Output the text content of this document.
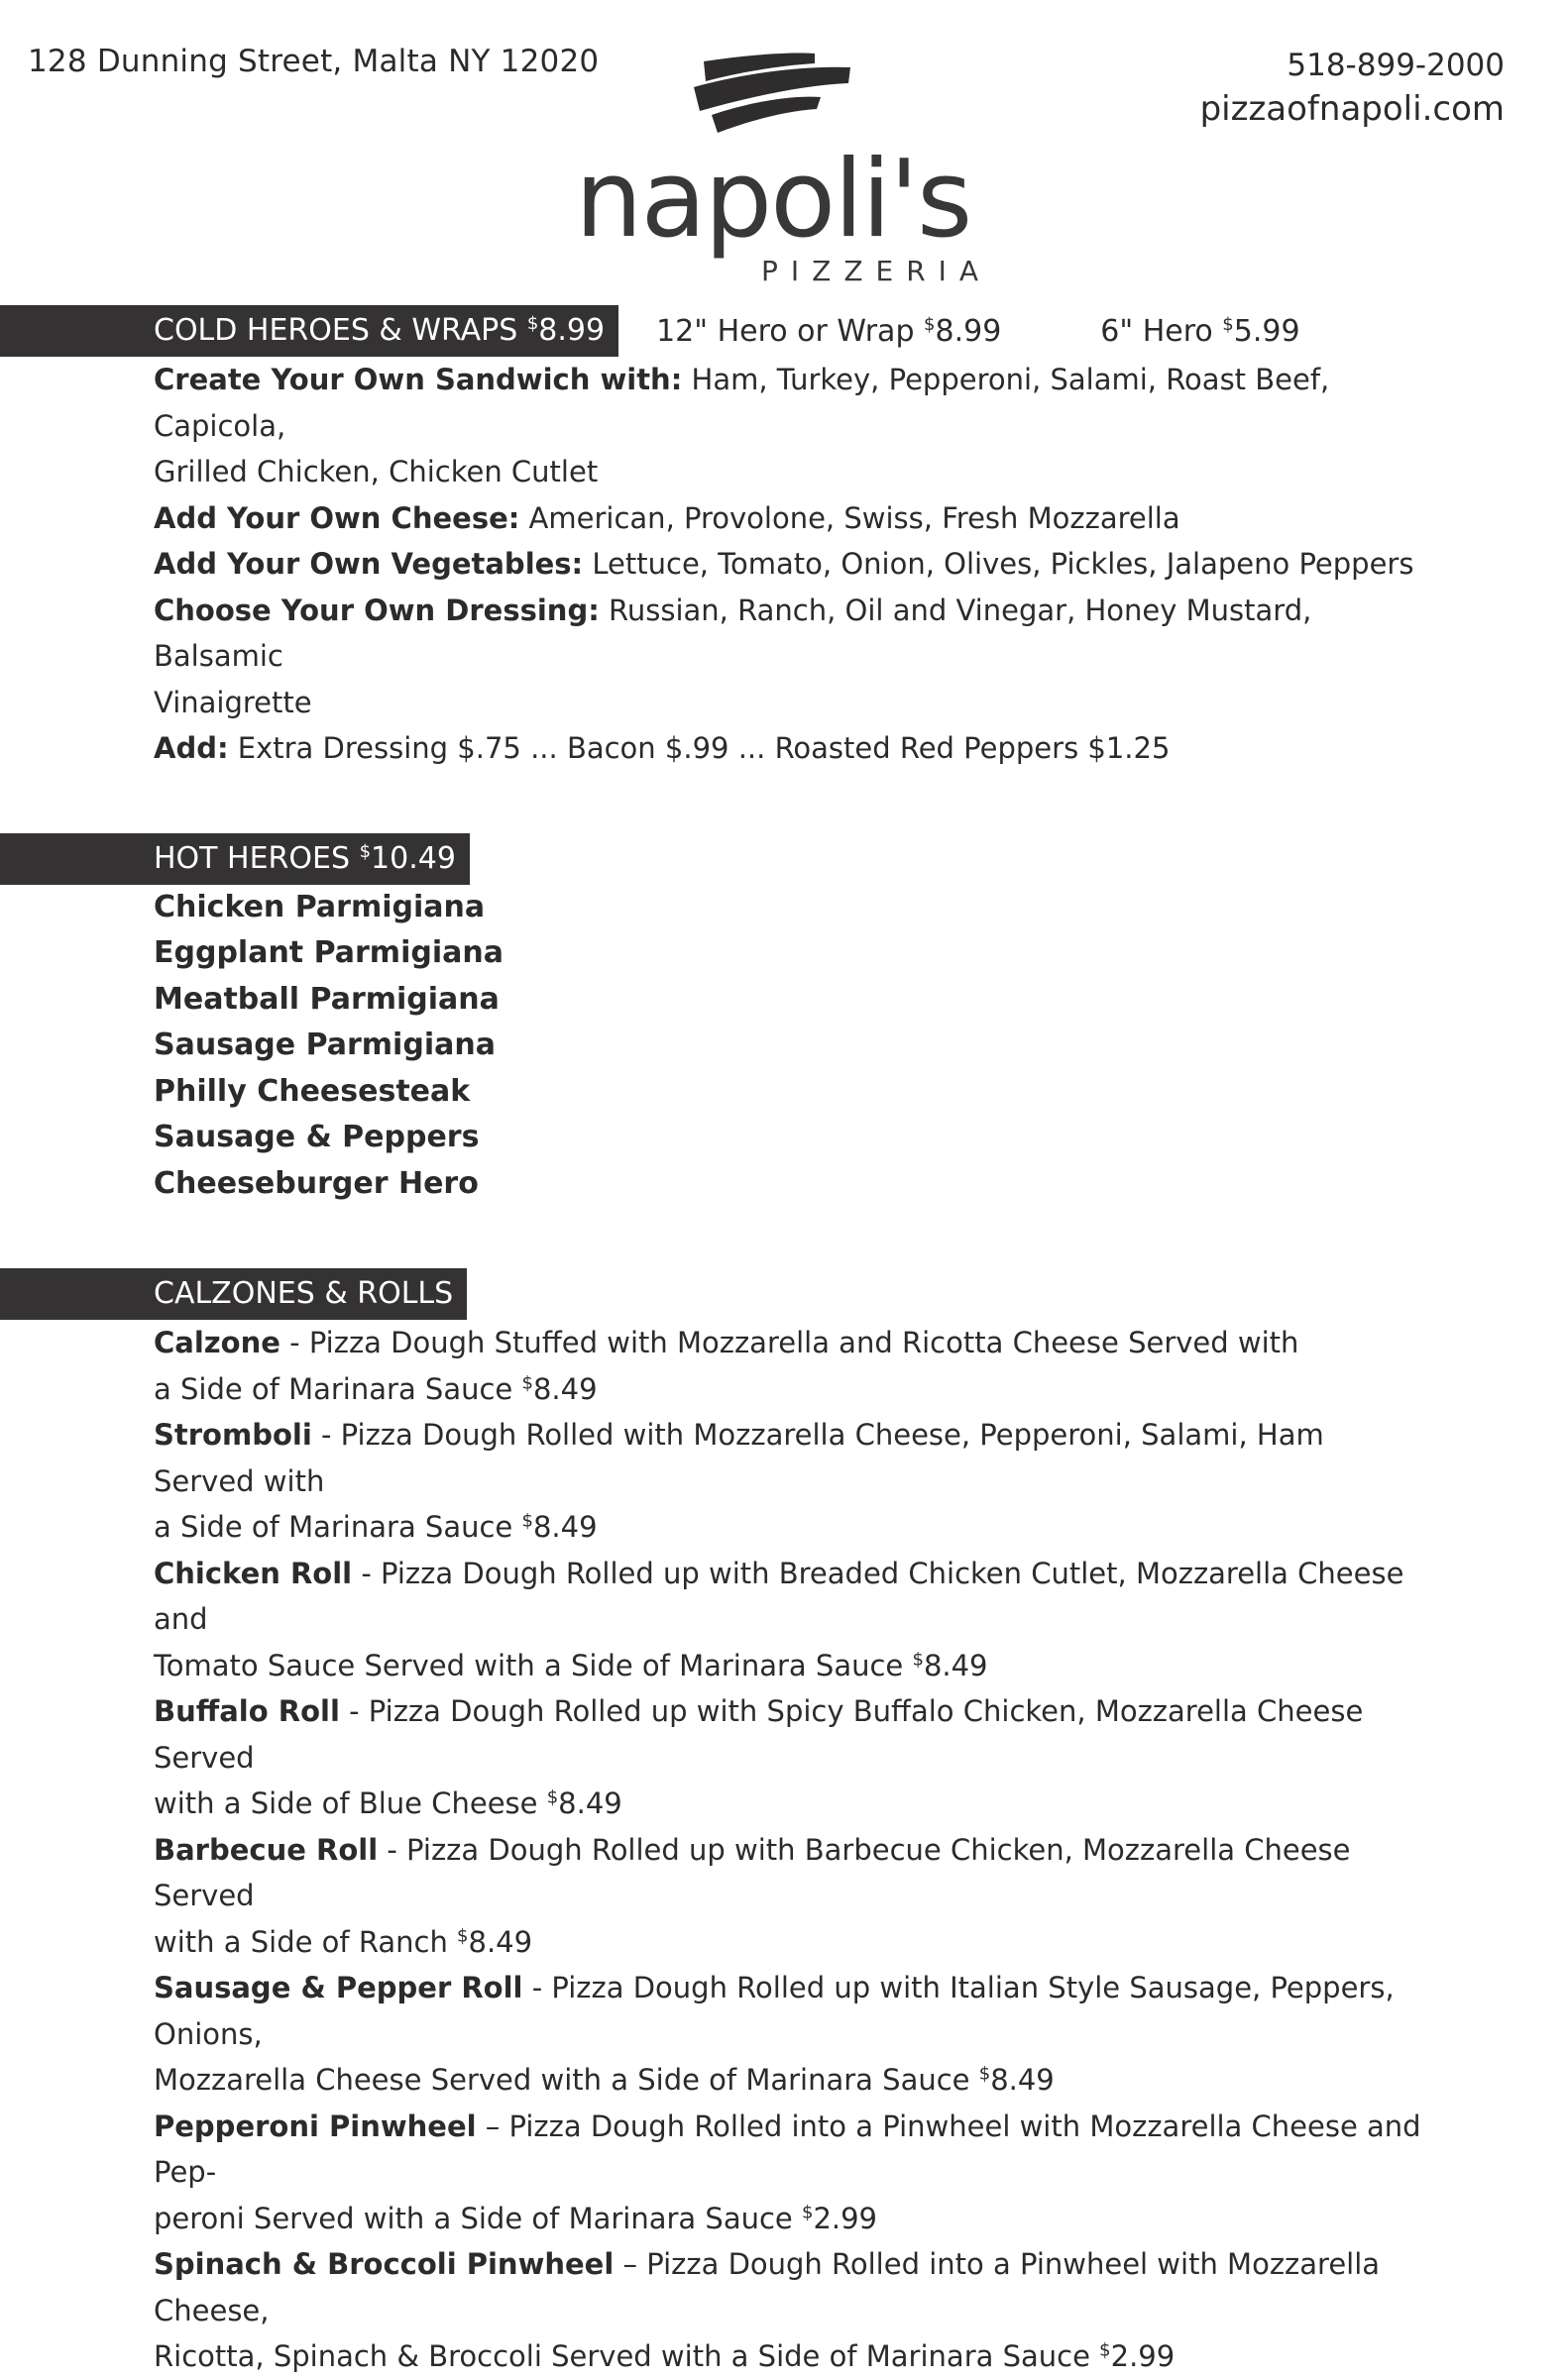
128 Dunning Street, Malta NY 12020	518-899-2000
pizzaofnapoli.com
napoli's
PIZZERIA
COLD HEROES & WRAPS $8.99	12" Hero or Wrap $8.99	6" Hero $5.99

Create Your Own Sandwich with: Ham, Turkey, Pepperoni, Salami, Roast Beef, Capicola,

Grilled Chicken, Chicken Cutlet

Add Your Own Cheese: American, Provolone, Swiss, Fresh Mozzarella

Add Your Own Vegetables: Lettuce, Tomato, Onion, Olives, Pickles, Jalapeno Peppers

Choose Your Own Dressing: Russian, Ranch, Oil and Vinegar, Honey Mustard, Balsamic

Vinaigrette

Add: Extra Dressing $.75 ... Bacon $.99 ... Roasted Red Peppers $1.25

HOT HEROES $10.49

Chicken Parmigiana

Eggplant Parmigiana

Meatball Parmigiana

Sausage Parmigiana

Philly Cheesesteak

Sausage & Peppers

Cheeseburger Hero

CALZONES & ROLLS

Calzone - Pizza Dough Stuffed with Mozzarella and Ricotta Cheese Served with

a Side of Marinara Sauce $8.49

Stromboli - Pizza Dough Rolled with Mozzarella Cheese, Pepperoni, Salami, Ham Served with

a Side of Marinara Sauce $8.49

Chicken Roll - Pizza Dough Rolled up with Breaded Chicken Cutlet, Mozzarella Cheese and

Tomato Sauce Served with a Side of Marinara Sauce $8.49

Buffalo Roll - Pizza Dough Rolled up with Spicy Buffalo Chicken, Mozzarella Cheese Served

with a Side of Blue Cheese $8.49

Barbecue Roll - Pizza Dough Rolled up with Barbecue Chicken, Mozzarella Cheese Served

with a Side of Ranch $8.49

Sausage & Pepper Roll - Pizza Dough Rolled up with Italian Style Sausage, Peppers, Onions,

Mozzarella Cheese Served with a Side of Marinara Sauce $8.49

Pepperoni Pinwheel – Pizza Dough Rolled into a Pinwheel with Mozzarella Cheese and Pep-

peroni Served with a Side of Marinara Sauce $2.99

Spinach & Broccoli Pinwheel – Pizza Dough Rolled into a Pinwheel with Mozzarella Cheese,

Ricotta, Spinach & Broccoli Served with a Side of Marinara Sauce $2.99
